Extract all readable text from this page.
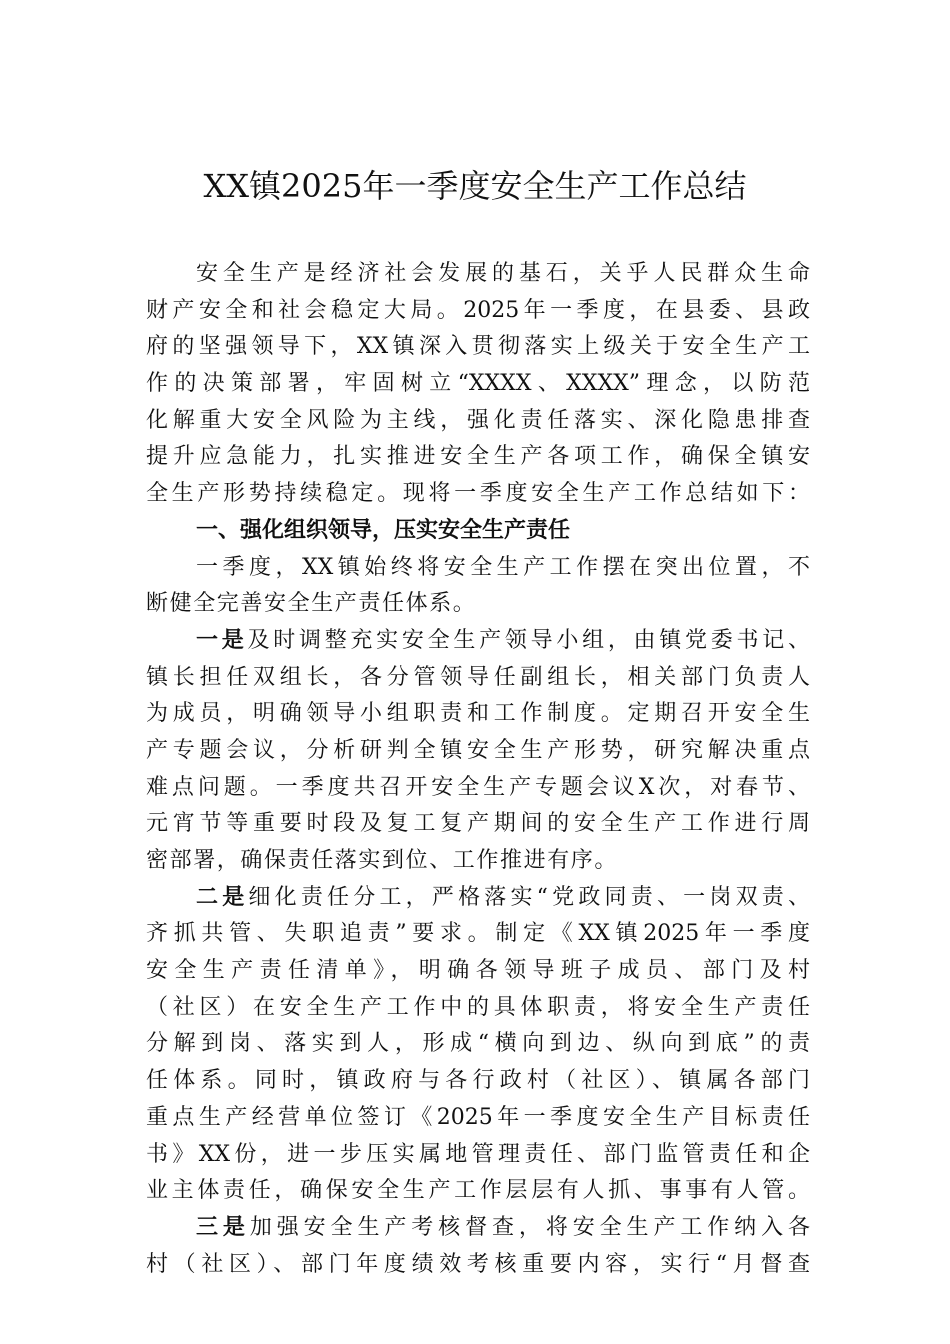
XX镇2025年一季度安全生产工作总结
安全生产是经济社会发展的基石，关乎人民群众生命
财产安全和社会稳定大局。2025年一季度，在县委、县政
府的坚强领导下，XX镇深入贯彻落实上级关于安全生产工
作的决策部署，牢固树立“XXXX、XXXX”理念，以防范
化解重大安全风险为主线，强化责任落实、深化隐患排查
提升应急能力，扎实推进安全生产各项工作，确保全镇安
全生产形势持续稳定。现将一季度安全生产工作总结如下：
一、强化组织领导，压实安全生产责任
一季度，XX镇始终将安全生产工作摆在突出位置，不
断健全完善安全生产责任体系。
一是及时调整充实安全生产领导小组，由镇党委书记、
镇长担任双组长，各分管领导任副组长，相关部门负责人
为成员，明确领导小组职责和工作制度。定期召开安全生
产专题会议，分析研判全镇安全生产形势，研究解决重点
难点问题。一季度共召开安全生产专题会议X次，对春节、
元宵节等重要时段及复工复产期间的安全生产工作进行周
密部署，确保责任落实到位、工作推进有序。
二是细化责任分工，严格落实“党政同责、一岗双责、
齐抓共管、失职追责”要求。制定《XX镇2025年一季度
安全生产责任清单》，明确各领导班子成员、部门及村
（社区）在安全生产工作中的具体职责，将安全生产责任
分解到岗、落实到人，形成“横向到边、纵向到底”的责
任体系。同时，镇政府与各行政村（社区）、镇属各部门
重点生产经营单位签订《2025年一季度安全生产目标责任
书》XX份，进一步压实属地管理责任、部门监管责任和企
业主体责任，确保安全生产工作层层有人抓、事事有人管。
三是加强安全生产考核督查，将安全生产工作纳入各
村（社区）、部门年度绩效考核重要内容，实行“月督查
